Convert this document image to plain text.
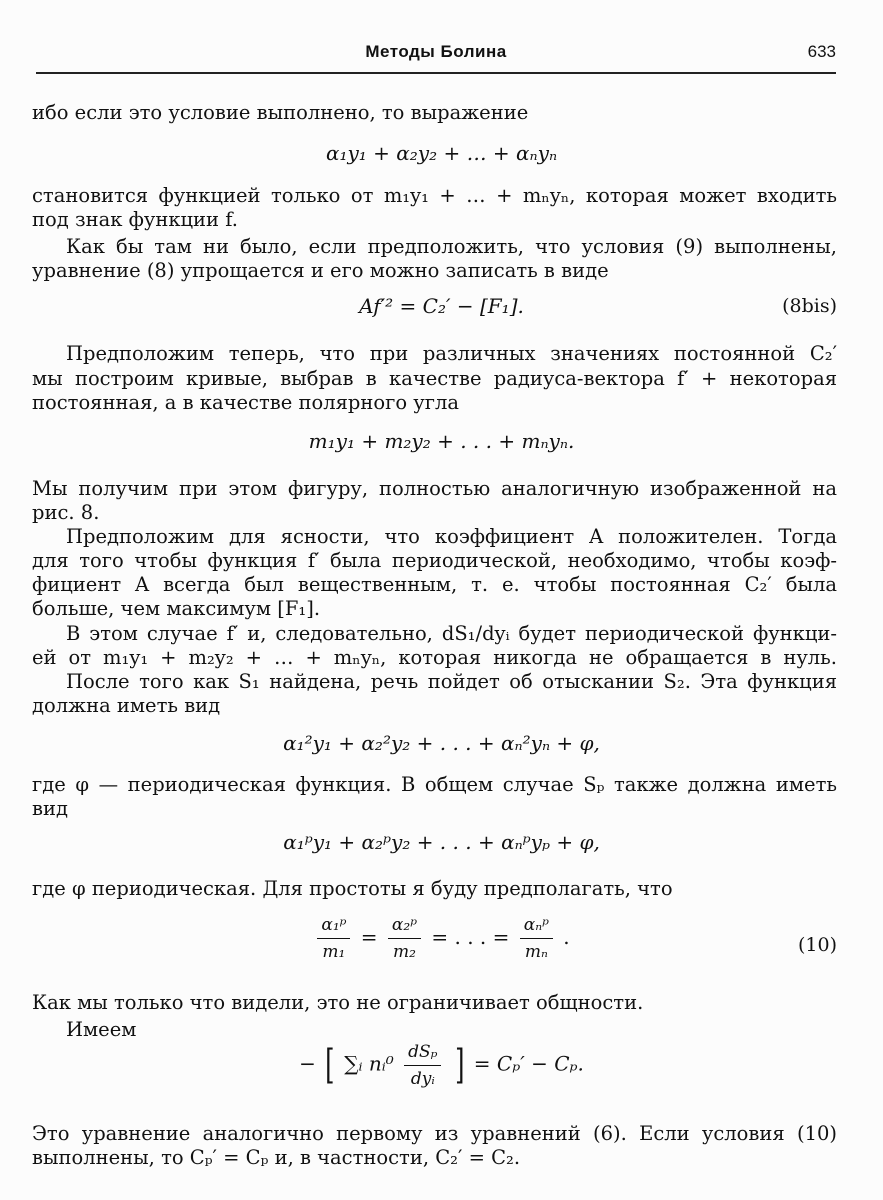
Методы Болина	633
ибо если это условие выполнено, то выражение
α₁y₁ + α₂y₂ + … + αₙyₙ
становится функцией только от m₁y₁ + … + mₙyₙ, которая может входить
под знак функции f.
Как бы там ни было, если предположить, что условия (9) выполнены,
уравнение (8) упрощается и его можно записать в виде
Af′² = C₂′ − [F₁].	(8bis)
Предположим теперь, что при различных значениях постоянной C₂′
мы построим кривые, выбрав в качестве радиуса-вектора f′ + некоторая
постоянная, а в качестве полярного угла
m₁y₁ + m₂y₂ + . . . + mₙyₙ.
Мы получим при этом фигуру, полностью аналогичную изображенной на
рис. 8.
Предположим для ясности, что коэффициент A положителен. Тогда
для того чтобы функция f′ была периодической, необходимо, чтобы коэф-
фициент A всегда был вещественным, т. е. чтобы постоянная C₂′ была
больше, чем максимум [F₁].
В этом случае f′ и, следовательно, dS₁/dyᵢ будет периодической функци-
ей от m₁y₁ + m₂y₂ + … + mₙyₙ, которая никогда не обращается в нуль.
После того как S₁ найдена, речь пойдет об отыскании S₂. Эта функция
должна иметь вид
α₁²y₁ + α₂²y₂ + . . . + αₙ²yₙ + φ,
где φ — периодическая функция. В общем случае Sₚ также должна иметь
вид
α₁ᵖy₁ + α₂ᵖy₂ + . . . + αₙᵖyₚ + φ,
где φ периодическая. Для простоты я буду предполагать, что
$\frac{\text{α₁ᵖ}}{\text{m₁}} = \frac{\text{α₂ᵖ}}{\text{m₂}}$ = . . . = $\frac{\text{αₙᵖ}}{\text{mₙ}}$ .	(10)
Как мы только что видели, это не ограничивает общности.
Имеем
− [ ∑ᵢ nᵢ⁰ $\frac{\text{dSₚ}}{\text{dyᵢ}}$ ] = Cₚ′ − Cₚ.
Это уравнение аналогично первому из уравнений (6). Если условия (10)
выполнены, то Cₚ′ = Cₚ и, в частности, C₂′ = C₂.
